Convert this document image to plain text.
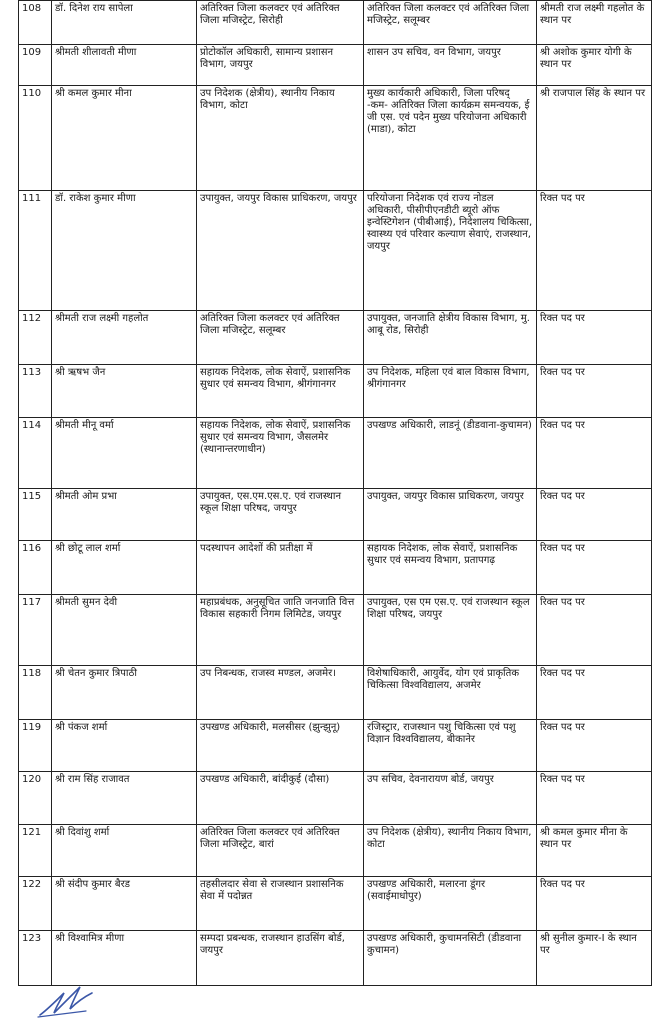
108	डॉ. दिनेश राय सापेला	अतिरिक्त जिला कलक्टर एवं अतिरिक्त जिला मजिस्ट्रेट, सिरोही	अतिरिक्त जिला कलक्टर एवं अतिरिक्त जिला मजिस्ट्रेट, सलूम्बर	श्रीमती राज लक्ष्मी गहलोत के स्थान पर
109	श्रीमती शीलावती मीणा	प्रोटोकॉल अधिकारी, सामान्य प्रशासन विभाग, जयपुर	शासन उप सचिव, वन विभाग, जयपुर	श्री अशोक कुमार योगी के स्थान पर
110	श्री कमल कुमार मीना	उप निदेशक (क्षेत्रीय), स्थानीय निकाय विभाग, कोटा	मुख्य कार्यकारी अधिकारी, जिला परिषद् -कम- अतिरिक्त जिला कार्यक्रम समन्वयक, ई जी एस. एवं पदेन मुख्य परियोजना अधिकारी (माडा), कोटा	श्री राजपाल सिंह के स्थान पर
111	डॉ. राकेश कुमार मीणा	उपायुक्त, जयपुर विकास प्राधिकरण, जयपुर	परियोजना निदेशक एवं राज्य नोडल अधिकारी, पीसीपीएनडीटी ब्यूरो ऑफ इन्वेस्टिगेशन (पीबीआई), निदेशालय चिकित्सा, स्वास्थ्य एवं परिवार कल्याण सेवाएं, राजस्थान, जयपुर	रिक्त पद पर
112	श्रीमती राज लक्ष्मी गहलोत	अतिरिक्त जिला कलक्टर एवं अतिरिक्त जिला मजिस्ट्रेट, सलूम्बर	उपायुक्त, जनजाति क्षेत्रीय विकास विभाग, मु. आबू रोड, सिरोही	रिक्त पद पर
113	श्री ऋषभ जैन	सहायक निदेशक, लोक सेवाऐं, प्रशासनिक सुधार एवं समन्वय विभाग, श्रीगंगानगर	उप निदेशक, महिला एवं बाल विकास विभाग, श्रीगंगानगर	रिक्त पद पर
114	श्रीमती मीनू वर्मा	सहायक निदेशक, लोक सेवाऐं, प्रशासनिक सुधार एवं समन्वय विभाग, जैसलमेर (स्थानान्तरणाधीन)	उपखण्ड अधिकारी, लाडनूं (डीडवाना-कुचामन)	रिक्त पद पर
115	श्रीमती ओम प्रभा	उपायुक्त, एस.एम.एस.ए. एवं राजस्थान स्कूल शिक्षा परिषद, जयपुर	उपायुक्त, जयपुर विकास प्राधिकरण, जयपुर	रिक्त पद पर
116	श्री छोटू लाल शर्मा	पदस्थापन आदेशों की प्रतीक्षा में	सहायक निदेशक, लोक सेवाऐं, प्रशासनिक सुधार एवं समन्वय विभाग, प्रतापगढ़	रिक्त पद पर
117	श्रीमती सुमन देवी	महाप्रबंधक, अनुसूचित जाति जनजाति वित्त विकास सहकारी निगम लिमिटेड, जयपुर	उपायुक्त, एस एम एस.ए. एवं राजस्थान स्कूल शिक्षा परिषद, जयपुर	रिक्त पद पर
118	श्री चेतन कुमार त्रिपाठी	उप निबन्धक, राजस्व मण्डल, अजमेर।	विशेषाधिकारी, आयुर्वेद, योग एवं प्राकृतिक चिकित्सा विश्वविद्यालय, अजमेर	रिक्त पद पर
119	श्री पंकज शर्मा	उपखण्ड अधिकारी, मलसीसर (झुन्झुनू)	रजिस्ट्रार, राजस्थान पशु चिकित्सा एवं पशु विज्ञान विश्वविद्यालय, बीकानेर	रिक्त पद पर
120	श्री राम सिंह राजावत	उपखण्ड अधिकारी, बांदीकुई (दौसा)	उप सचिव, देवनारायण बोर्ड, जयपुर	रिक्त पद पर
121	श्री दिवांशु शर्मा	अतिरिक्त जिला कलक्टर एवं अतिरिक्त जिला मजिस्ट्रेट, बारां	उप निदेशक (क्षेत्रीय), स्थानीय निकाय विभाग, कोटा	श्री कमल कुमार मीना के स्थान पर
122	श्री संदीप कुमार बैरड	तहसीलदार सेवा से राजस्थान प्रशासनिक सेवा में पदोन्नत	उपखण्ड अधिकारी, मलारना डूंगर (सवाईमाधोपुर)	रिक्त पद पर
123	श्री विश्वामित्र मीणा	सम्पदा प्रबन्धक, राजस्थान हाउसिंग बोर्ड, जयपुर	उपखण्ड अधिकारी, कुचामनसिटी (डीडवाना कुचामन)	श्री सुनील कुमार-I के स्थान पर
